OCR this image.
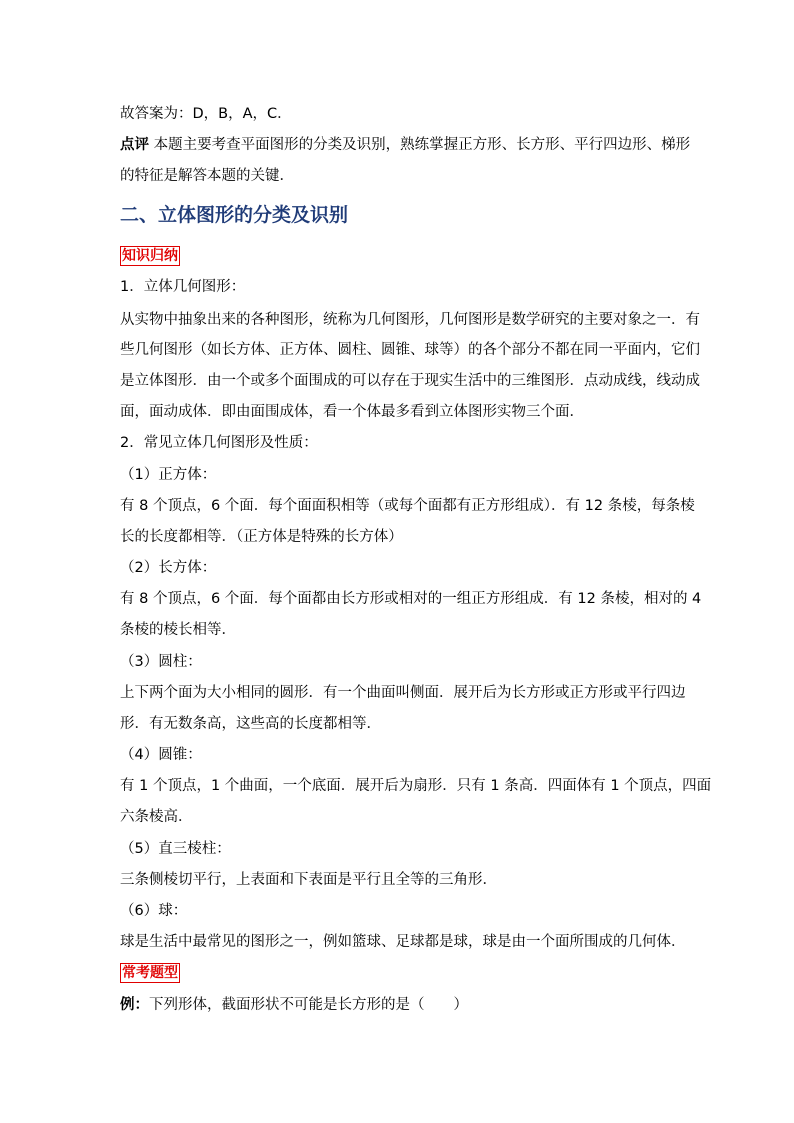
故答案为：D，B，A，C．
点评 本题主要考查平面图形的分类及识别，熟练掌握正方形、长方形、平行四边形、梯形
的特征是解答本题的关键．
二、立体图形的分类及识别
知识归纳
1．立体几何图形：
从实物中抽象出来的各种图形，统称为几何图形，几何图形是数学研究的主要对象之一．有
些几何图形（如长方体、正方体、圆柱、圆锥、球等）的各个部分不都在同一平面内，它们
是立体图形．由一个或多个面围成的可以存在于现实生活中的三维图形．点动成线，线动成
面，面动成体．即由面围成体，看一个体最多看到立体图形实物三个面．
2．常见立体几何图形及性质：
（1）正方体：
有 8 个顶点，6 个面．每个面面积相等（或每个面都有正方形组成）．有 12 条棱，每条棱
长的长度都相等．（正方体是特殊的长方体）
（2）长方体：
有 8 个顶点，6 个面．每个面都由长方形或相对的一组正方形组成．有 12 条棱，相对的 4
条棱的棱长相等．
（3）圆柱：
上下两个面为大小相同的圆形．有一个曲面叫侧面．展开后为长方形或正方形或平行四边
形．有无数条高，这些高的长度都相等．
（4）圆锥：
有 1 个顶点，1 个曲面，一个底面．展开后为扇形．只有 1 条高．四面体有 1 个顶点，四面
六条棱高．
（5）直三棱柱：
三条侧棱切平行，上表面和下表面是平行且全等的三角形．
（6）球：
球是生活中最常见的图形之一，例如篮球、足球都是球，球是由一个面所围成的几何体．
常考题型
例：下列形体，截面形状不可能是长方形的是（　　）
